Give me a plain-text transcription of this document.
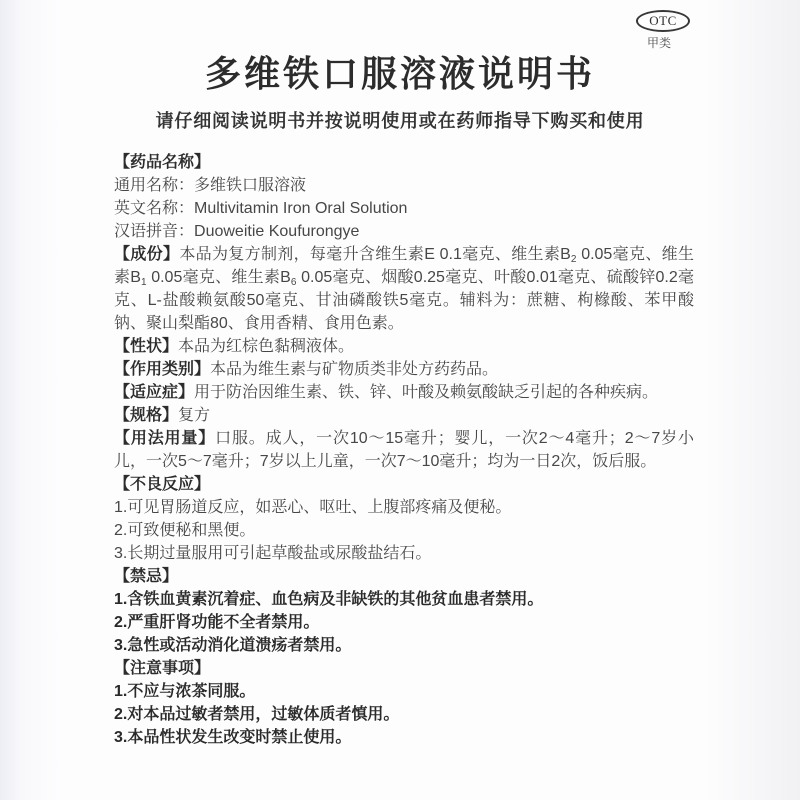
OTC
甲类
多维铁口服溶液说明书

请仔细阅读说明书并按说明使用或在药师指导下购买和使用

【药品名称】

通用名称：多维铁口服溶液

英文名称：Multivitamin Iron Oral Solution

汉语拼音：Duoweitie Koufurongye

【成份】本品为复方制剂，每毫升含维生素E 0.1毫克、维生素$B_2$ 0.05毫克、维生素$B_1$ 0.05毫克、维生素$B_6$ 0.05毫克、烟酸0.25毫克、叶酸0.01毫克、硫酸锌0.2毫克、L-盐酸赖氨酸50毫克、甘油磷酸铁5毫克。辅料为：蔗糖、枸橼酸、苯甲酸钠、聚山梨酯80、食用香精、食用色素。

【性状】本品为红棕色黏稠液体。

【作用类别】本品为维生素与矿物质类非处方药药品。

【适应症】用于防治因维生素、铁、锌、叶酸及赖氨酸缺乏引起的各种疾病。

【规格】复方

【用法用量】口服。成人，一次10～15毫升；婴儿，一次2～4毫升；2～7岁小儿，一次5～7毫升；7岁以上儿童，一次7～10毫升；均为一日2次，饭后服。

【不良反应】

1.可见胃肠道反应，如恶心、呕吐、上腹部疼痛及便秘。

2.可致便秘和黑便。

3.长期过量服用可引起草酸盐或尿酸盐结石。

【禁忌】

1.含铁血黄素沉着症、血色病及非缺铁的其他贫血患者禁用。

2.严重肝肾功能不全者禁用。

3.急性或活动消化道溃疡者禁用。

【注意事项】

1.不应与浓茶同服。

2.对本品过敏者禁用，过敏体质者慎用。

3.本品性状发生改变时禁止使用。
